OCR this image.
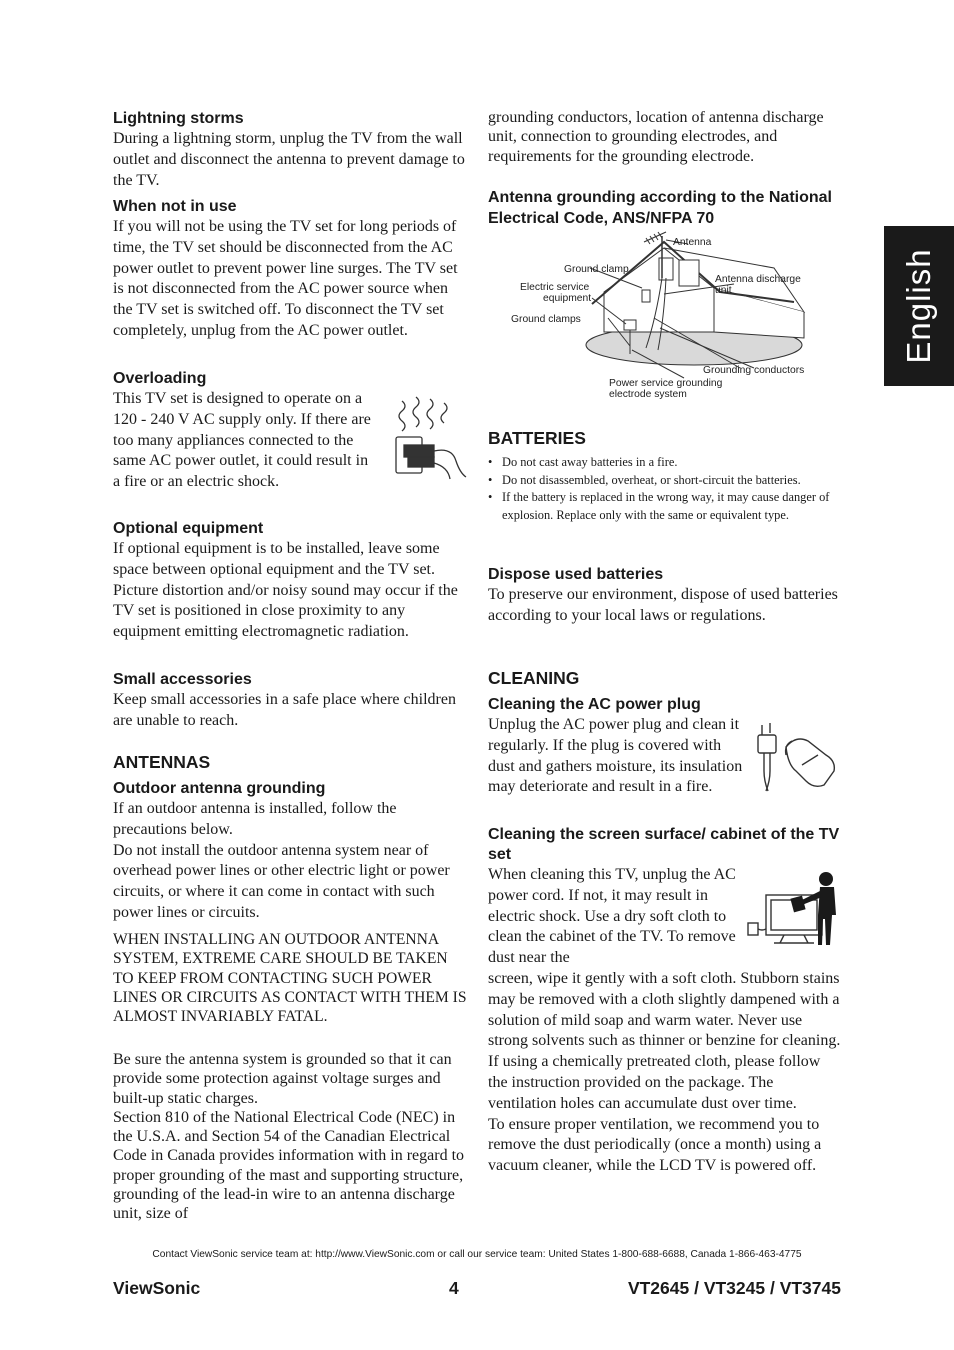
English
Lightning storms

During a lightning storm, unplug the TV from the wall outlet and disconnect the antenna to prevent damage to the TV.

When not in use

If you will not be using the TV set for long periods of time, the TV set should be disconnected from the AC power outlet to prevent power line surges. The TV set is not disconnected from the AC power source when the TV set is switched off. To disconnect the TV set completely, unplug from the AC power outlet.

Overloading

This TV set is designed to operate on a 120 - 240 V AC supply only. If there are too many appliances connected to the same AC power outlet, it could result in a fire or an electric shock.

Optional equipment

If optional equipment is to be installed, leave some space between optional equipment and the TV set. Picture distortion and/or noisy sound may occur if the TV set is positioned in close proximity to any equipment emitting electromagnetic radiation.

Small accessories

Keep small accessories in a safe place where children are unable to reach.

ANTENNAS
Outdoor antenna grounding

If an outdoor antenna is installed, follow the precautions below.

Do not install the outdoor antenna system near of overhead power lines or other electric light or power circuits, or where it can come in contact with such power lines or circuits.

WHEN INSTALLING AN OUTDOOR ANTENNA SYSTEM, EXTREME CARE SHOULD BE TAKEN TO KEEP FROM CONTACTING SUCH POWER LINES OR CIRCUITS AS CONTACT WITH THEM IS ALMOST INVARIABLY FATAL.

Be sure the antenna system is grounded so that it can provide some protection against voltage surges and built-up static charges.

Section 810 of the National Electrical Code (NEC) in the U.S.A. and Section 54 of the Canadian Electrical Code in Canada provides information with in regard to proper grounding of the mast and supporting structure, grounding of the lead-in wire to an antenna discharge unit, size of

grounding conductors, location of antenna discharge unit, connection to grounding electrodes, and requirements for the grounding electrode.

Antenna grounding according to the National Electrical Code, ANS/NFPA 70
Antenna
Ground clamp
Electric service
equipment
Ground clamps
Antenna discharge
unit
Grounding conductors
Power service grounding
electrode system
BATTERIES
• Do not cast away batteries in a fire.
• Do not disassembled, overheat, or short-circuit the batteries.
• If the battery is replaced in the wrong way, it may cause danger of explosion. Replace only with the same or equivalent type.
Dispose used batteries

To preserve our environment, dispose of used batteries according to your local laws or regulations.

CLEANING
Cleaning the AC power plug

Unplug the AC power plug and clean it regularly. If the plug is covered with dust and gathers moisture, its insulation may deteriorate and result in a fire.

Cleaning the screen surface/ cabinet of the TV set

When cleaning this TV, unplug the AC power cord. If not, it may result in electric shock. Use a dry soft cloth to clean the cabinet of the TV. To remove dust near the

screen, wipe it gently with a soft cloth. Stubborn stains may be removed with a cloth slightly dampened with a solution of mild soap and warm water. Never use strong solvents such as thinner or benzine for cleaning. If using a chemically pretreated cloth, please follow the instruction provided on the package. The ventilation holes can accumulate dust over time.

To ensure proper ventilation, we recommend you to remove the dust periodically (once a month) using a vacuum cleaner, while the LCD TV is powered off.

Contact ViewSonic service team at: http://www.ViewSonic.com or call our service team: United States 1-800-688-6688, Canada 1-866-463-4775
ViewSonic	4	VT2645 / VT3245 / VT3745
